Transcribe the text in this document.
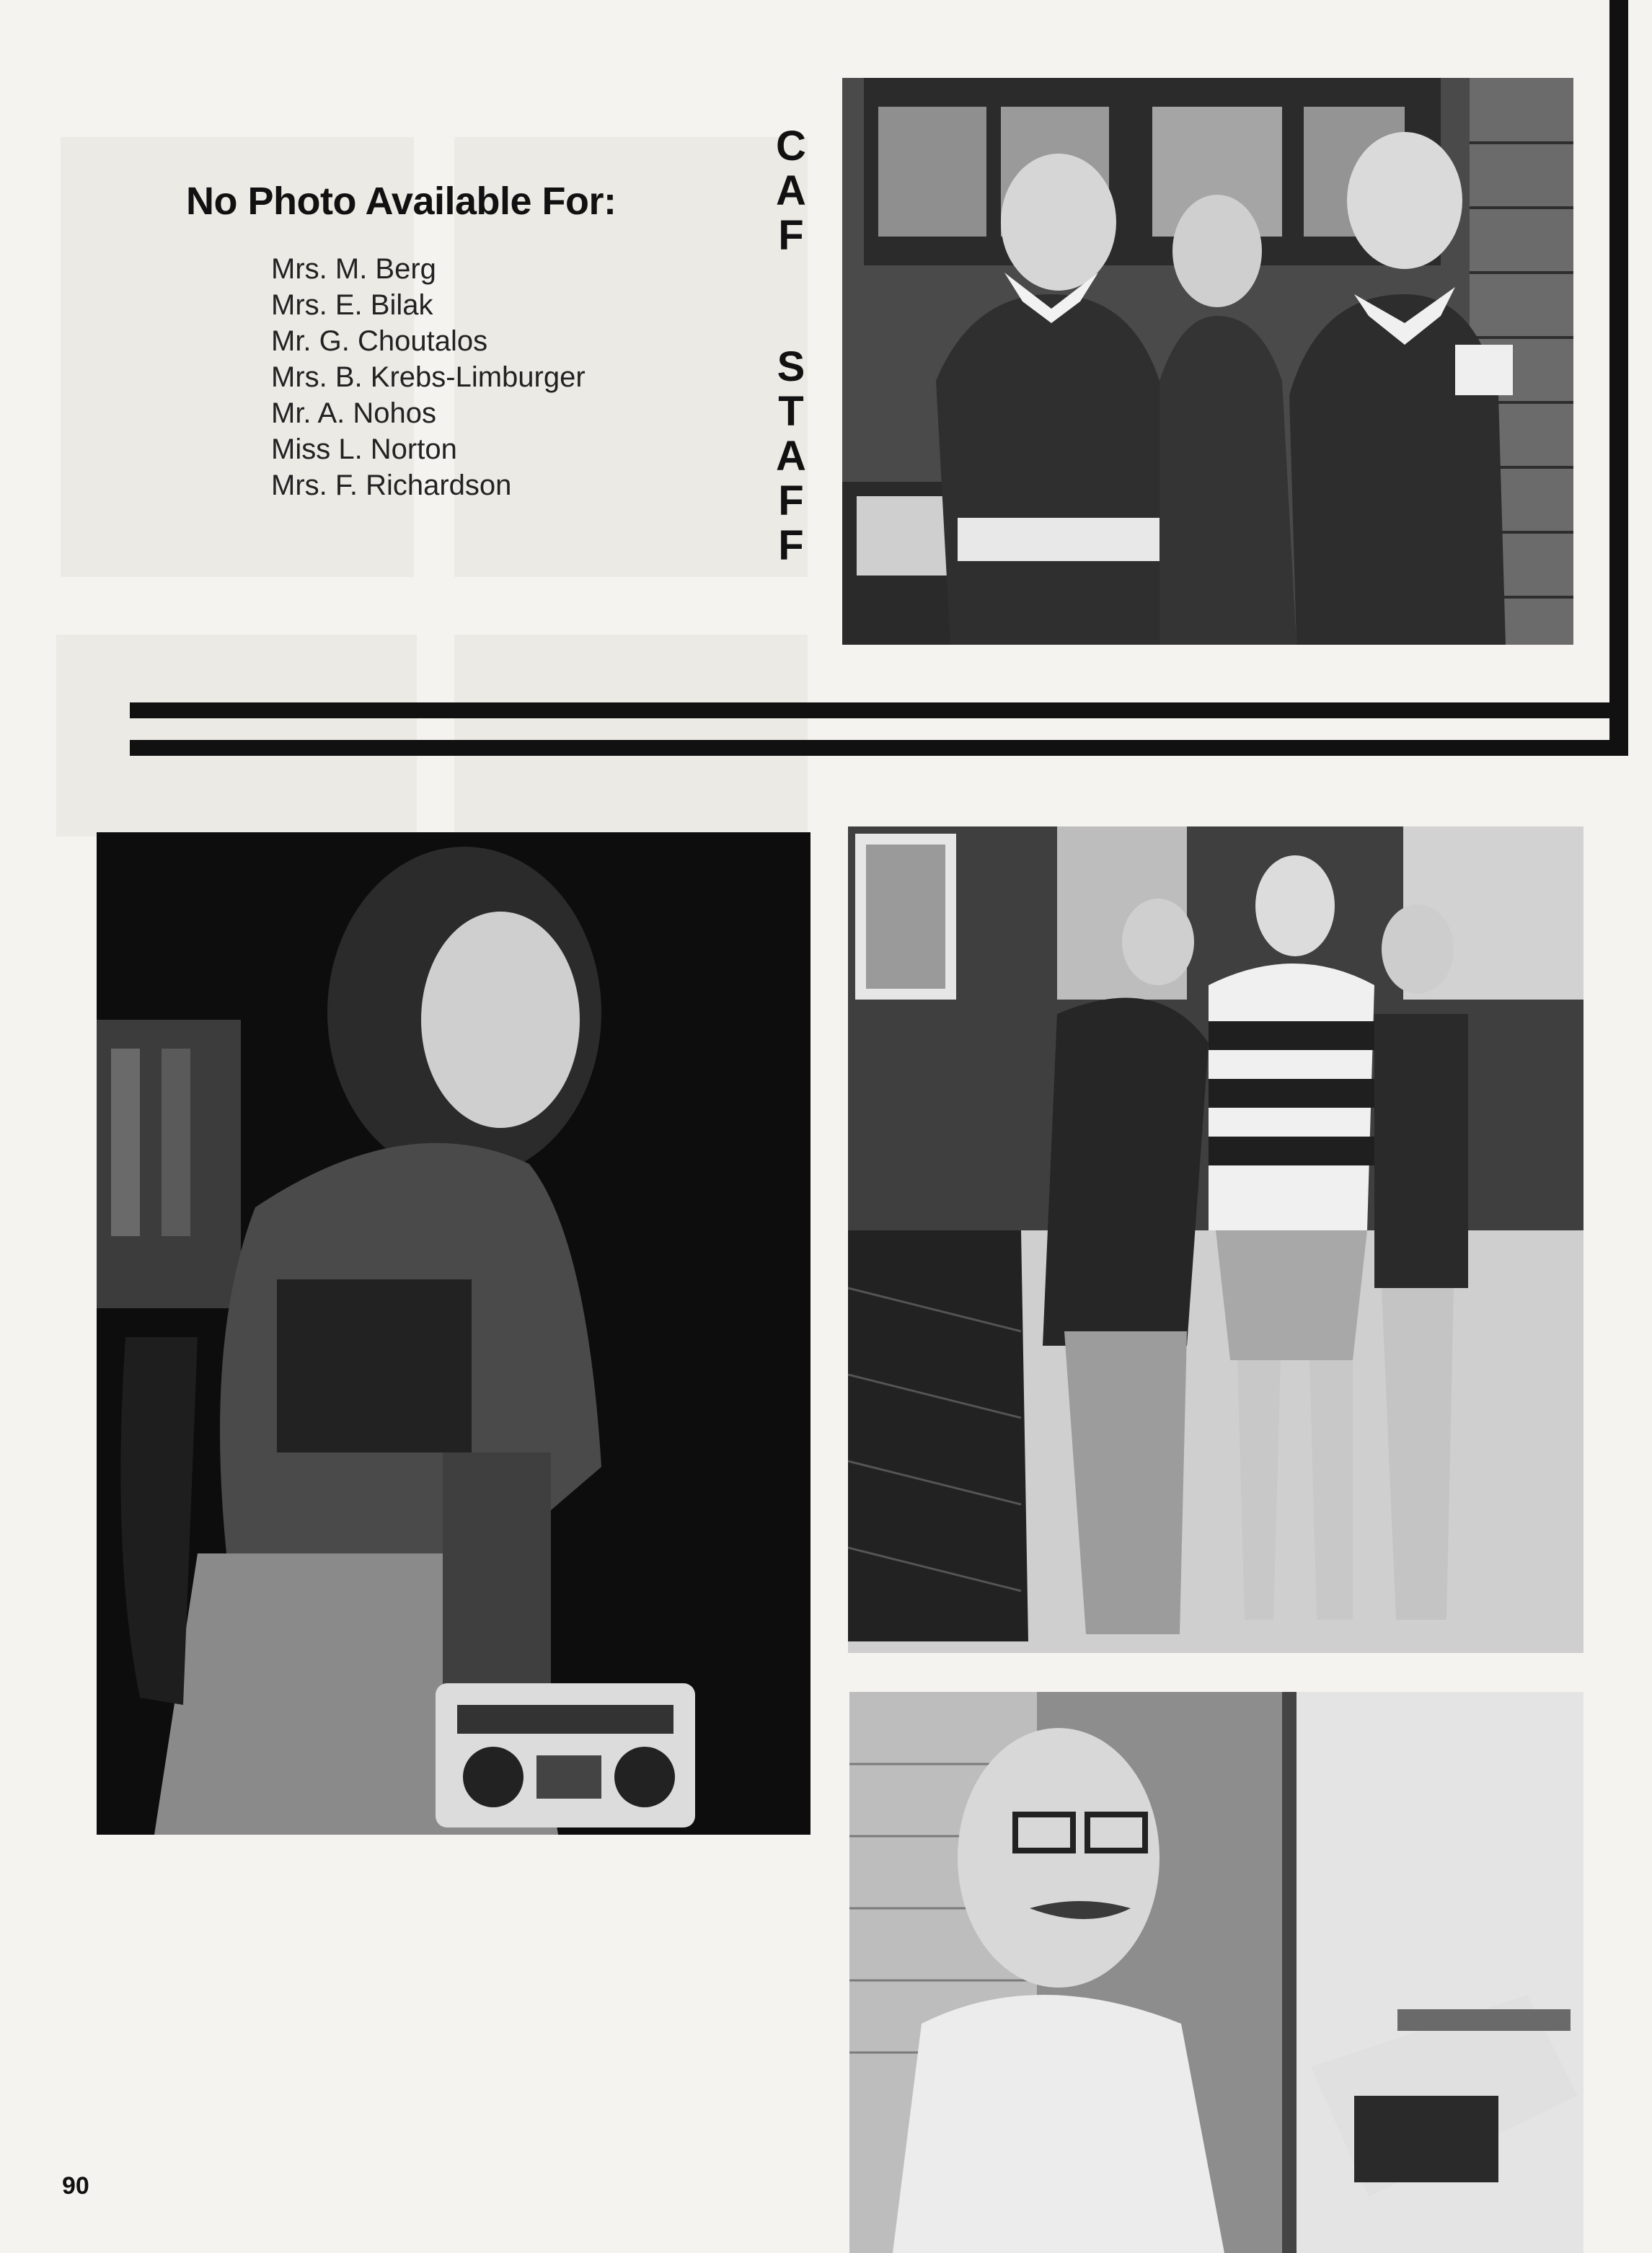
No Photo Available For:
Mrs. M. Berg
Mrs. E. Bilak
Mr. G. Choutalos
Mrs. B. Krebs-Limburger
Mr. A. Nohos
Miss L. Norton
Mrs. F. Richardson
C
A
F
S
T
A
F
F
90
